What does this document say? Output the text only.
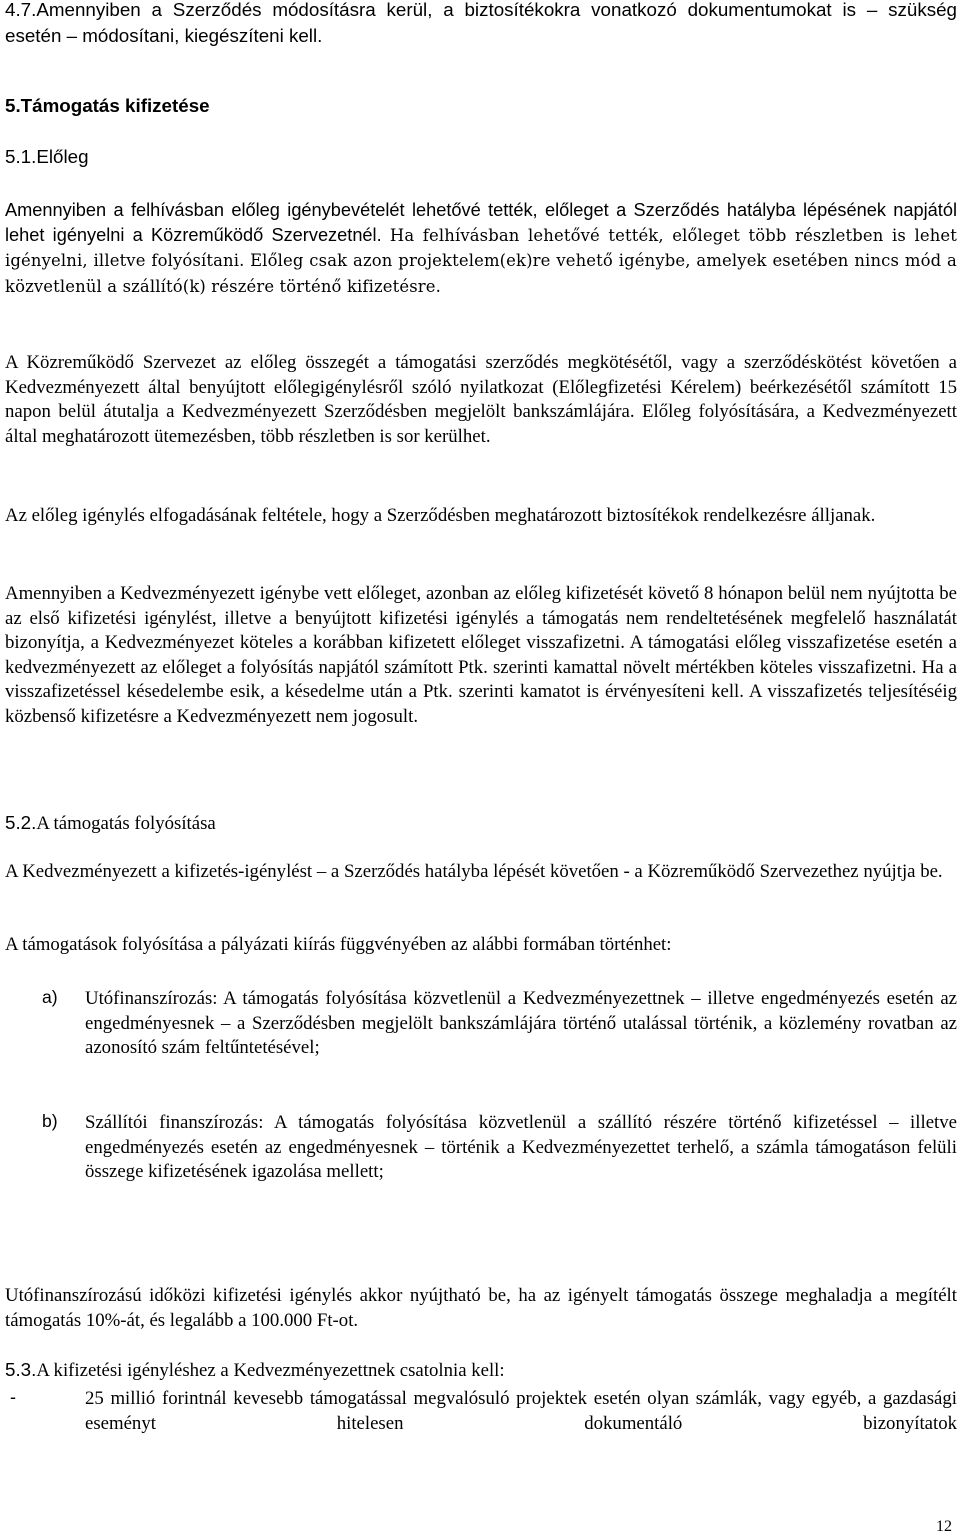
4.7.Amennyiben a Szerződés módosításra kerül, a biztosítékokra vonatkozó dokumentumokat is – szükség esetén – módosítani, kiegészíteni kell.

5.Támogatás kifizetése

5.1.Előleg

Amennyiben a felhívásban előleg igénybevételét lehetővé tették, előleget a Szerződés hatályba lépésének napjától lehet igényelni a Közreműködő Szervezetnél. Ha felhívásban lehetővé tették, előleget több részletben is lehet igényelni, illetve folyósítani. Előleg csak azon projektelem(ek)re vehető igénybe, amelyek esetében nincs mód a közvetlenül a szállító(k) részére történő kifizetésre.

A Közreműködő Szervezet az előleg összegét a támogatási szerződés megkötésétől, vagy a szerződéskötést követően a Kedvezményezett által benyújtott előlegigénylésről szóló nyilatkozat (Előlegfizetési Kérelem) beérkezésétől számított 15 napon belül átutalja a Kedvezményezett Szerződésben megjelölt bankszámlájára. Előleg folyósítására, a Kedvezményezett által meghatározott ütemezésben, több részletben is sor kerülhet.

Az előleg igénylés elfogadásának feltétele, hogy a Szerződésben meghatározott biztosítékok rendelkezésre álljanak.

Amennyiben a Kedvezményezett igénybe vett előleget, azonban az előleg kifizetését követő 8 hónapon belül nem nyújtotta be az első kifizetési igénylést, illetve a benyújtott kifizetési igénylés a támogatás nem rendeltetésének megfelelő használatát bizonyítja, a Kedvezményezet köteles a korábban kifizetett előleget visszafizetni. A támogatási előleg visszafizetése esetén a kedvezményezett az előleget a folyósítás napjától számított Ptk. szerinti kamattal növelt mértékben köteles visszafizetni. Ha a visszafizetéssel késedelembe esik, a késedelme után a Ptk. szerinti kamatot is érvényesíteni kell. A visszafizetés teljesítéséig közbenső kifizetésre a Kedvezményezett nem jogosult.

5.2.A támogatás folyósítása

A Kedvezményezett a kifizetés-igénylést – a Szerződés hatályba lépését követően - a Közreműködő Szervezethez nyújtja be.

A támogatások folyósítása a pályázati kiírás függvényében az alábbi formában történhet:

a) Utófinanszírozás: A támogatás folyósítása közvetlenül a Kedvezményezettnek – illetve engedményezés esetén az engedményesnek – a Szerződésben megjelölt bankszámlájára történő utalással történik, a közlemény rovatban az azonosító szám feltűntetésével;

b) Szállítói finanszírozás: A támogatás folyósítása közvetlenül a szállító részére történő kifizetéssel – illetve engedményezés esetén az engedményesnek – történik a Kedvezményezettet terhelő, a számla támogatáson felüli összege kifizetésének igazolása mellett;

Utófinanszírozású időközi kifizetési igénylés akkor nyújtható be, ha az igényelt támogatás összege meghaladja a megítélt támogatás 10%-át, és legalább a 100.000 Ft-ot.

5.3.A kifizetési igényléshez a Kedvezményezettnek csatolnia kell:

-	25 millió forintnál kevesebb támogatással megvalósuló projektek esetén olyan számlák, vagy egyéb, a gazdasági eseményt hitelesen dokumentáló bizonyítatok

12
